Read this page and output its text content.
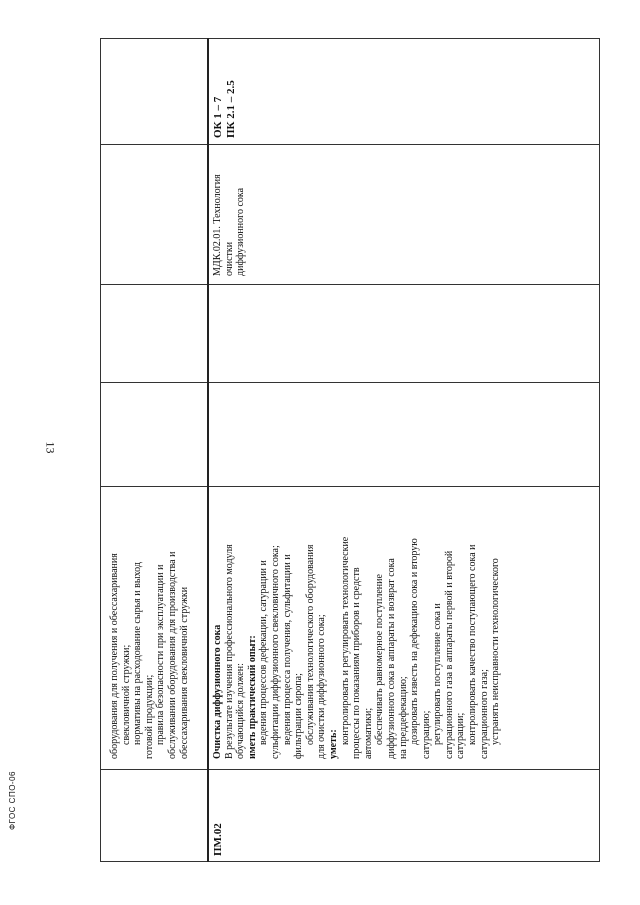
13
ФГОС СПО-06
оборудования для получения и обессахаривания свекловичной стружки; нормативы на расходование сырья и выход готовой продукции; правила безопасности при эксплуатации и обслуживании оборудования для производства и обессахаривания свекловичной стружки
ПМ.02
Очистка диффузионного сока В результате изучения профессионального модуля обучающийся должен: иметь практический опыт: ведения процессов дефекации, сатурации и сульфитации диффузионного свекловичного сока; ведения процесса получения, сульфитации и фильтрации сиропа; обслуживания технологического оборудования для очистки диффузионного сока; уметь: контролировать и регулировать технологические процессы по показаниям приборов и средств автоматики; обеспечивать равномерное поступление диффузионного сока в аппараты и возврат сока на преддефекацию; дозировать известь на дефекацию сока и вторую сатурацию; регулировать поступление сока и сатурационного газа в аппараты первой и второй сатурации; контролировать качество поступающего сока и сатурационного газа; устранять неисправности технологического
МДК.02.01. Технология очистки диффузионного сока
ОК 1 – 7 ПК 2.1 – 2.5
